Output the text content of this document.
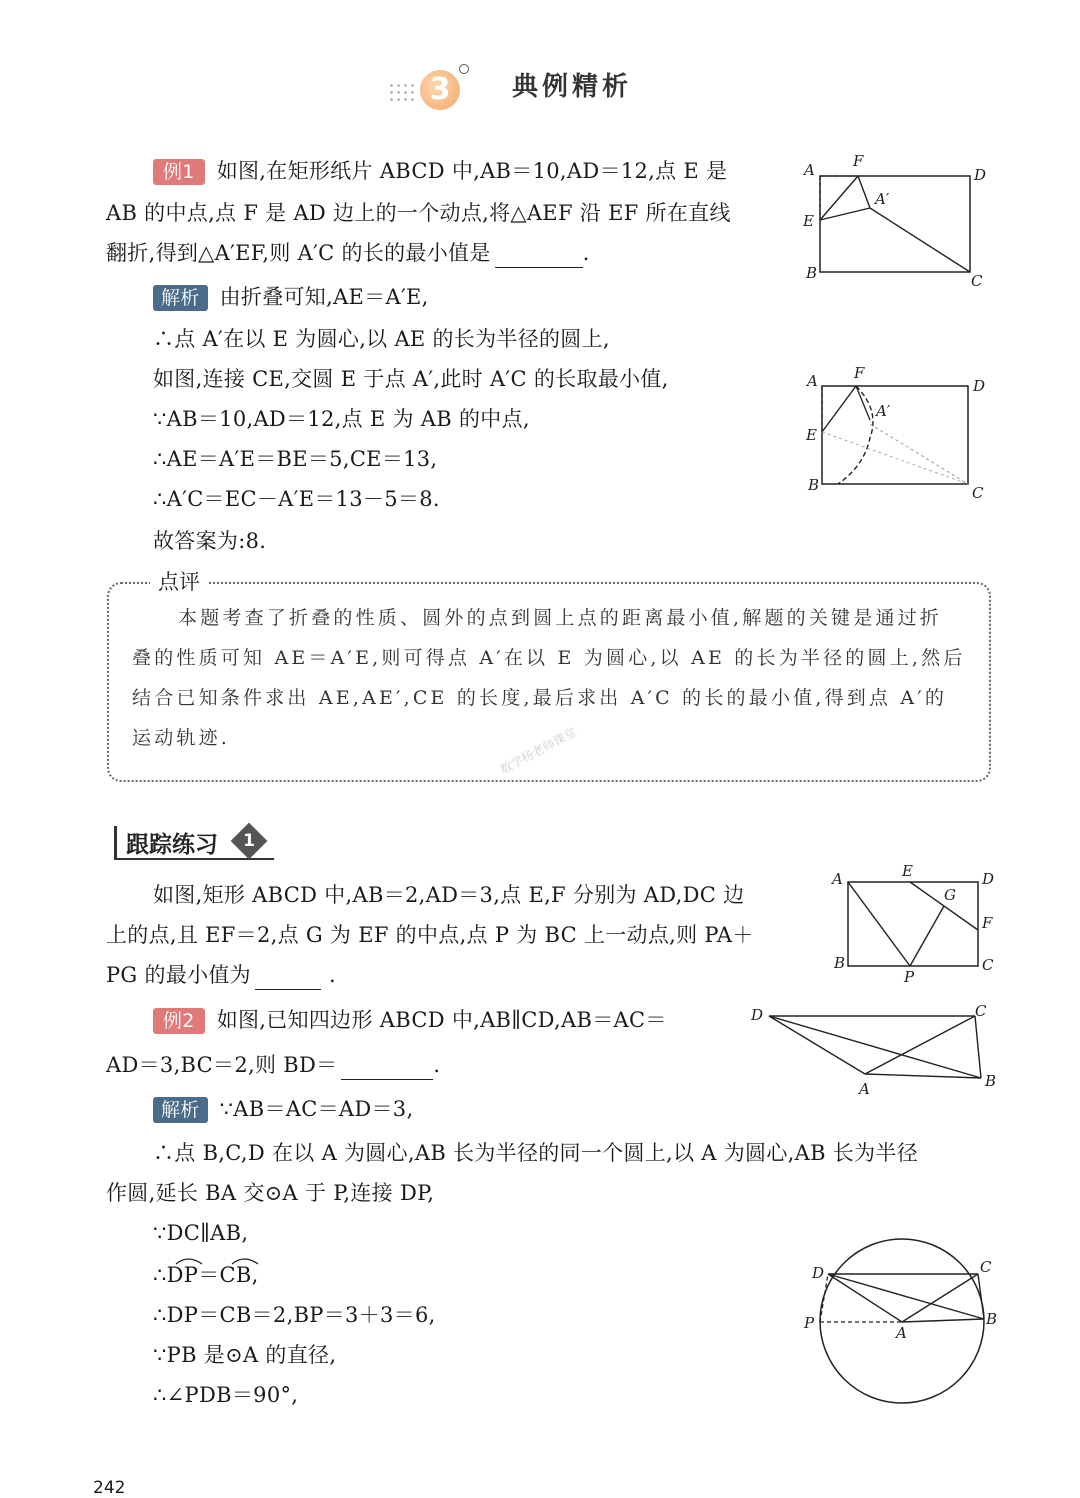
3	典例精析
例1 如图,在矩形纸片 ABCD 中,AB＝10,AD＝12,点 E 是
AB 的中点,点 F 是 AD 边上的一个动点,将△AEF 沿 EF 所在直线
翻折,得到△A′EF,则 A′C 的长的最小值是	.
解析 由折叠可知,AE＝A′E,
∴点 A′在以 E 为圆心,以 AE 的长为半径的圆上,
如图,连接 CE,交圆 E 于点 A′,此时 A′C 的长取最小值,
∵AB＝10,AD＝12,点 E 为 AB 的中点,
∴AE＝A′E＝BE＝5,CE＝13,
∴A′C＝EC－A′E＝13－5＝8.
故答案为:8.
A	F
D
A′
E
B	C
A F
D
A′
E
B	C
点评
本题考查了折叠的性质、圆外的点到圆上点的距离最小值,解题的关键是通过折
叠的性质可知 AE＝A′E,则可得点 A′在以 E 为圆心,以 AE 的长为半径的圆上,然后
结合已知条件求出 AE,AE′,CE 的长度,最后求出 A′C 的长的最小值,得到点 A′的
运动轨迹.	数学杨老师课堂
跟踪练习	1
如图,矩形 ABCD 中,AB＝2,AD＝3,点 E,F 分别为 AD,DC 边
上的点,且 EF＝2,点 G 为 EF 的中点,点 P 为 BC 上一动点,则 PA＋
PG 的最小值为	.
A	E	D
G
F
B
P
C
例2 如图,已知四边形 ABCD 中,AB∥CD,AB＝AC＝
AD＝3,BC＝2,则 BD＝	.
D	C
A	B
解析 ∵AB＝AC＝AD＝3,
∴点 B,C,D 在以 A 为圆心,AB 长为半径的同一个圆上,以 A 为圆心,AB 长为半径
作圆,延长 BA 交⊙A 于 P,连接 DP,
∵DC∥AB,
∴DP＝CB,
∴DP＝CB＝2,BP＝3＋3＝6,
∵PB 是⊙A 的直径,
∴∠PDB＝90°,
D	C
P
A
B
242
